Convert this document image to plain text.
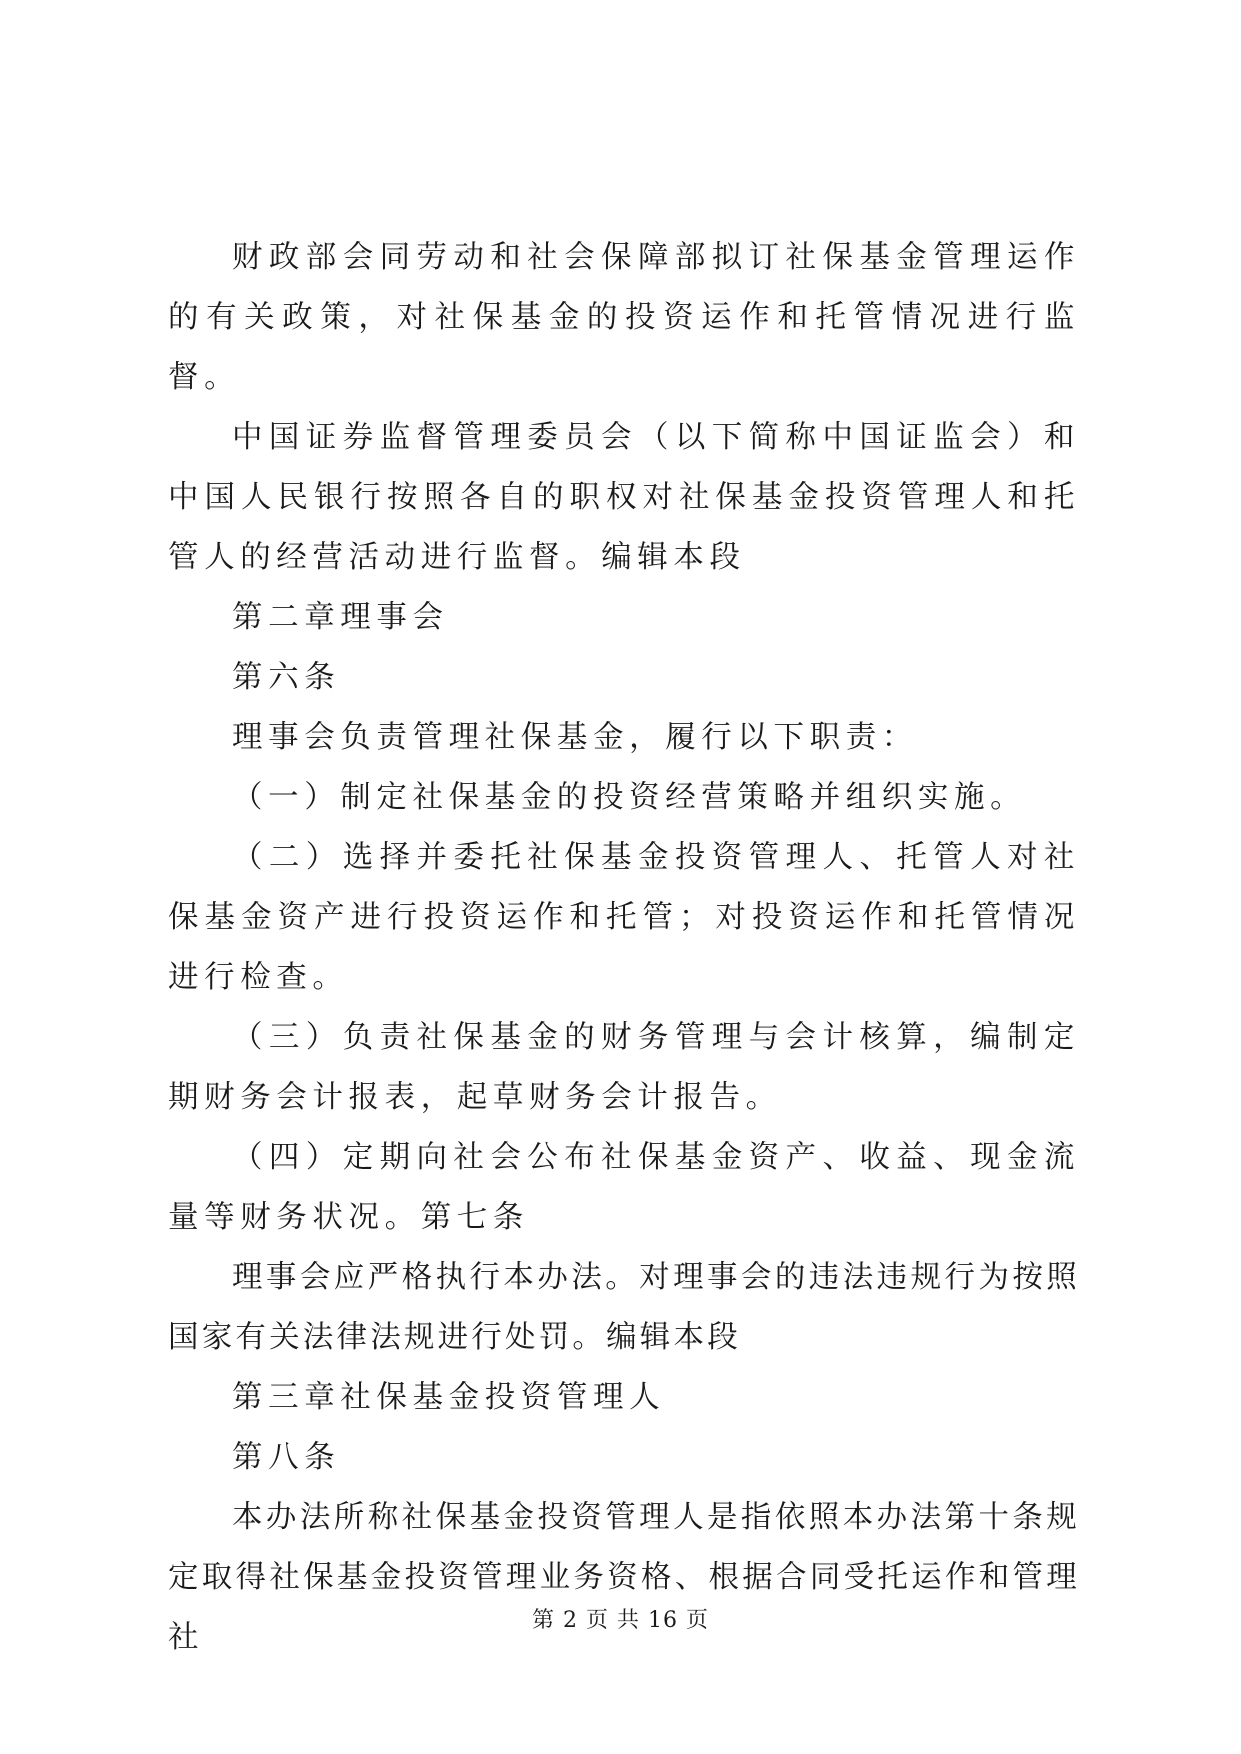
财政部会同劳动和社会保障部拟订社保基金管理运作的有关政策，对社保基金的投资运作和托管情况进行监督。

中国证券监督管理委员会（以下简称中国证监会）和中国人民银行按照各自的职权对社保基金投资管理人和托管人的经营活动进行监督。编辑本段

第二章理事会

第六条

理事会负责管理社保基金，履行以下职责：

（一）制定社保基金的投资经营策略并组织实施。

（二）选择并委托社保基金投资管理人、托管人对社保基金资产进行投资运作和托管；对投资运作和托管情况进行检查。

（三）负责社保基金的财务管理与会计核算，编制定期财务会计报表，起草财务会计报告。

（四）定期向社会公布社保基金资产、收益、现金流量等财务状况。第七条

理事会应严格执行本办法。对理事会的违法违规行为按照国家有关法律法规进行处罚。编辑本段

第三章社保基金投资管理人

第八条

本办法所称社保基金投资管理人是指依照本办法第十条规定取得社保基金投资管理业务资格、根据合同受托运作和管理社	第 2 页 共 16 页
